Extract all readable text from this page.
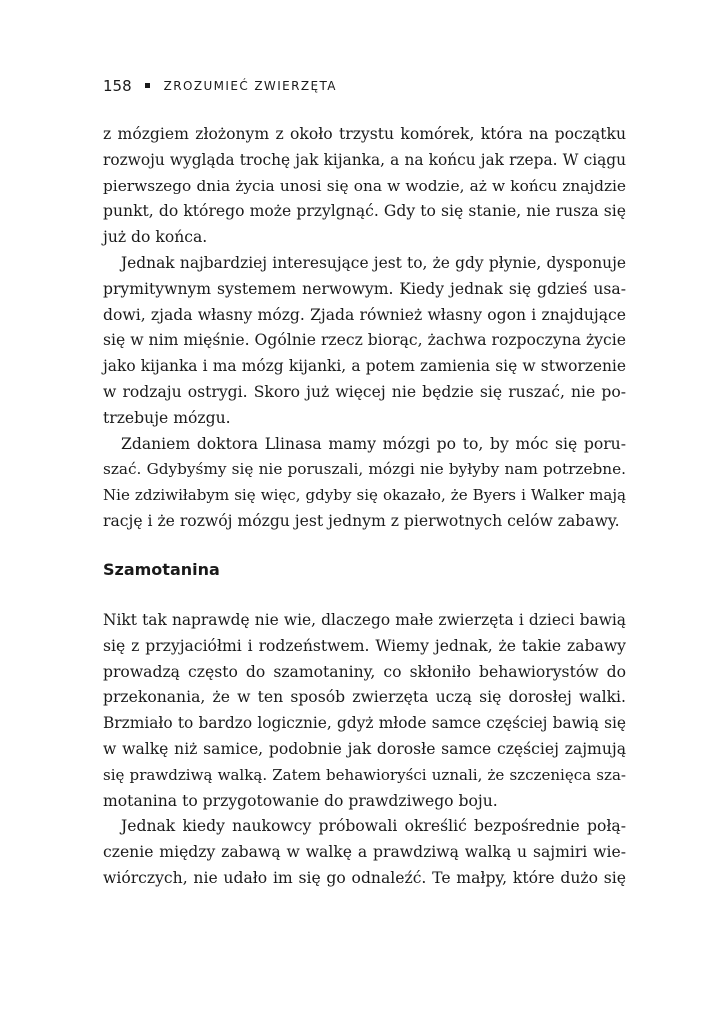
158	ZROZUMIEĆ ZWIERZĘTA
z mózgiem złożonym z około trzystu komórek, która na początku
rozwoju wygląda trochę jak kijanka, a na końcu jak rzepa. W ciągu
pierwszego dnia życia unosi się ona w wodzie, aż w końcu znajdzie
punkt, do którego może przylgnąć. Gdy to się stanie, nie rusza się
już do końca.
Jednak najbardziej interesujące jest to, że gdy płynie, dysponuje
prymitywnym systemem nerwowym. Kiedy jednak się gdzieś usa-
dowi, zjada własny mózg. Zjada również własny ogon i znajdujące
się w nim mięśnie. Ogólnie rzecz biorąc, żachwa rozpoczyna życie
jako kijanka i ma mózg kijanki, a potem zamienia się w stworzenie
w rodzaju ostrygi. Skoro już więcej nie będzie się ruszać, nie po-
trzebuje mózgu.
Zdaniem doktora Llinasa mamy mózgi po to, by móc się poru-
szać. Gdybyśmy się nie poruszali, mózgi nie byłyby nam potrzebne.
Nie zdziwiłabym się więc, gdyby się okazało, że Byers i Walker mają
rację i że rozwój mózgu jest jednym z pierwotnych celów zabawy.
Szamotanina
Nikt tak naprawdę nie wie, dlaczego małe zwierzęta i dzieci bawią
się z przyjaciółmi i rodzeństwem. Wiemy jednak, że takie zabawy
prowadzą często do szamotaniny, co skłoniło behawiorystów do
przekonania, że w ten sposób zwierzęta uczą się dorosłej walki.
Brzmiało to bardzo logicznie, gdyż młode samce częściej bawią się
w walkę niż samice, podobnie jak dorosłe samce częściej zajmują
się prawdziwą walką. Zatem behawioryści uznali, że szczenięca sza-
motanina to przygotowanie do prawdziwego boju.
Jednak kiedy naukowcy próbowali określić bezpośrednie połą-
czenie między zabawą w walkę a prawdziwą walką u sajmiri wie-
wiórczych, nie udało im się go odnaleźć. Te małpy, które dużo się
